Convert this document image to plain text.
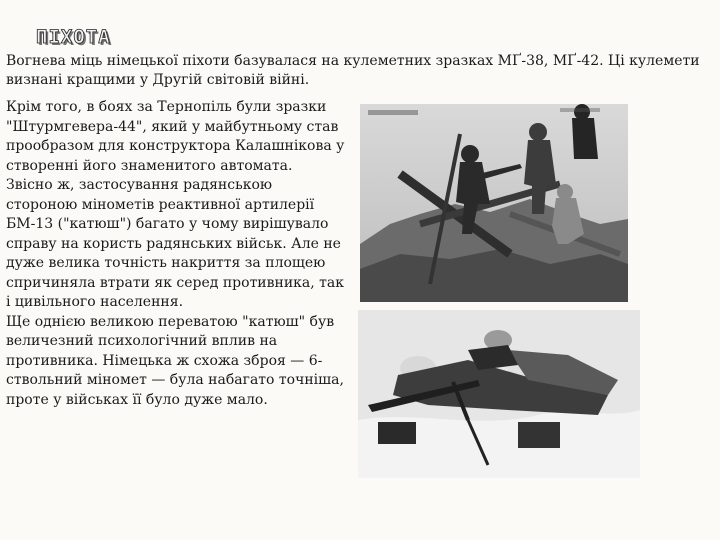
ПІХОТА

Вогнева міць німецької піхоти базувалася на кулеметних зразках МҐ-38, МҐ-42. Ці кулемети визнані кращими у Другій світовій війні.

Крім того, в боях за Тернопіль були зразки "Штурмгевера-44", який у майбутньому став прообразом для конструктора Калашнікова у створенні його знаменитого автомата.
Звісно ж, застосування радянською стороною мінометів реактивної артилерії БМ-13 ("катюш") багато у чому вирішувало справу на користь радянських військ. Але не дуже велика точність накриття за площею спричиняла втрати як серед противника, так і цивільного населення.
Ще однією великою переватою "катюш" був величезний психологічний вплив на противника. Німецька ж схожа зброя — 6-ствольний міномет — була набагато точніша, проте у військах її було дуже мало.
